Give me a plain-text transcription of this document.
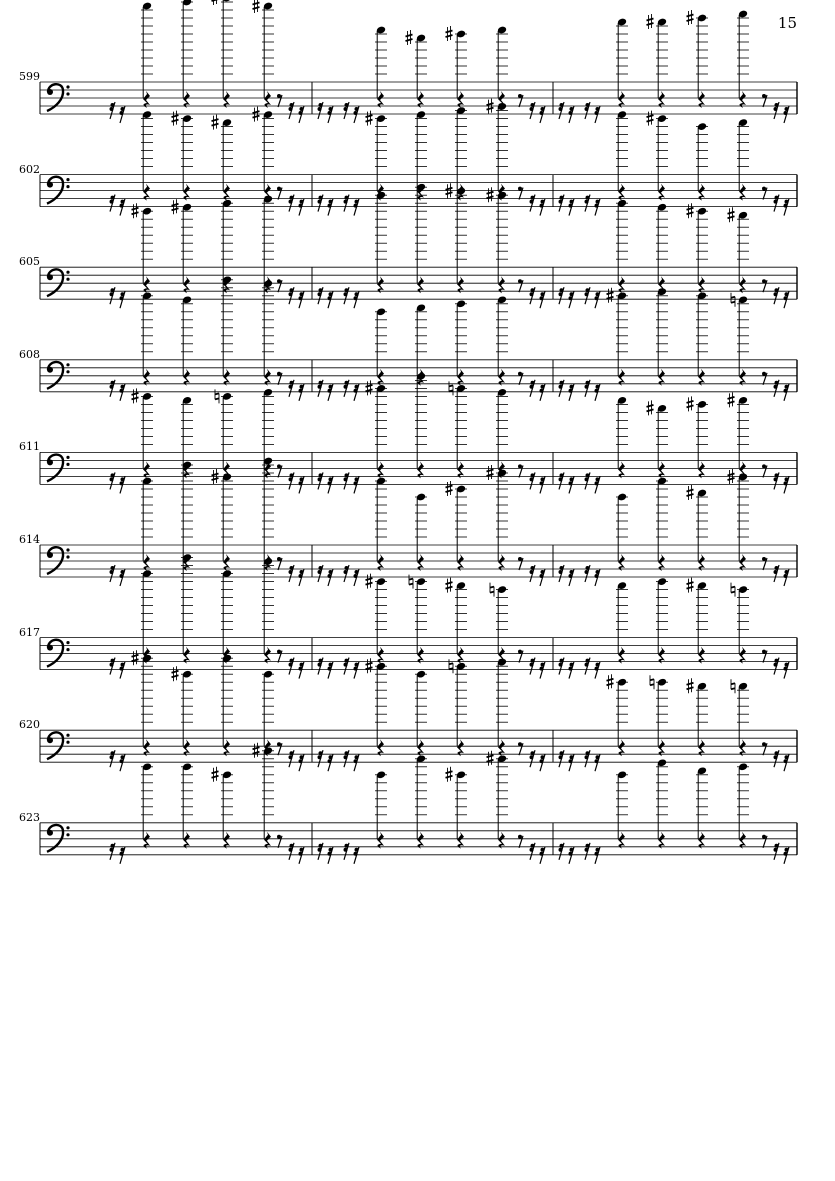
15
599
602
605
608
611
614
617
620
623
